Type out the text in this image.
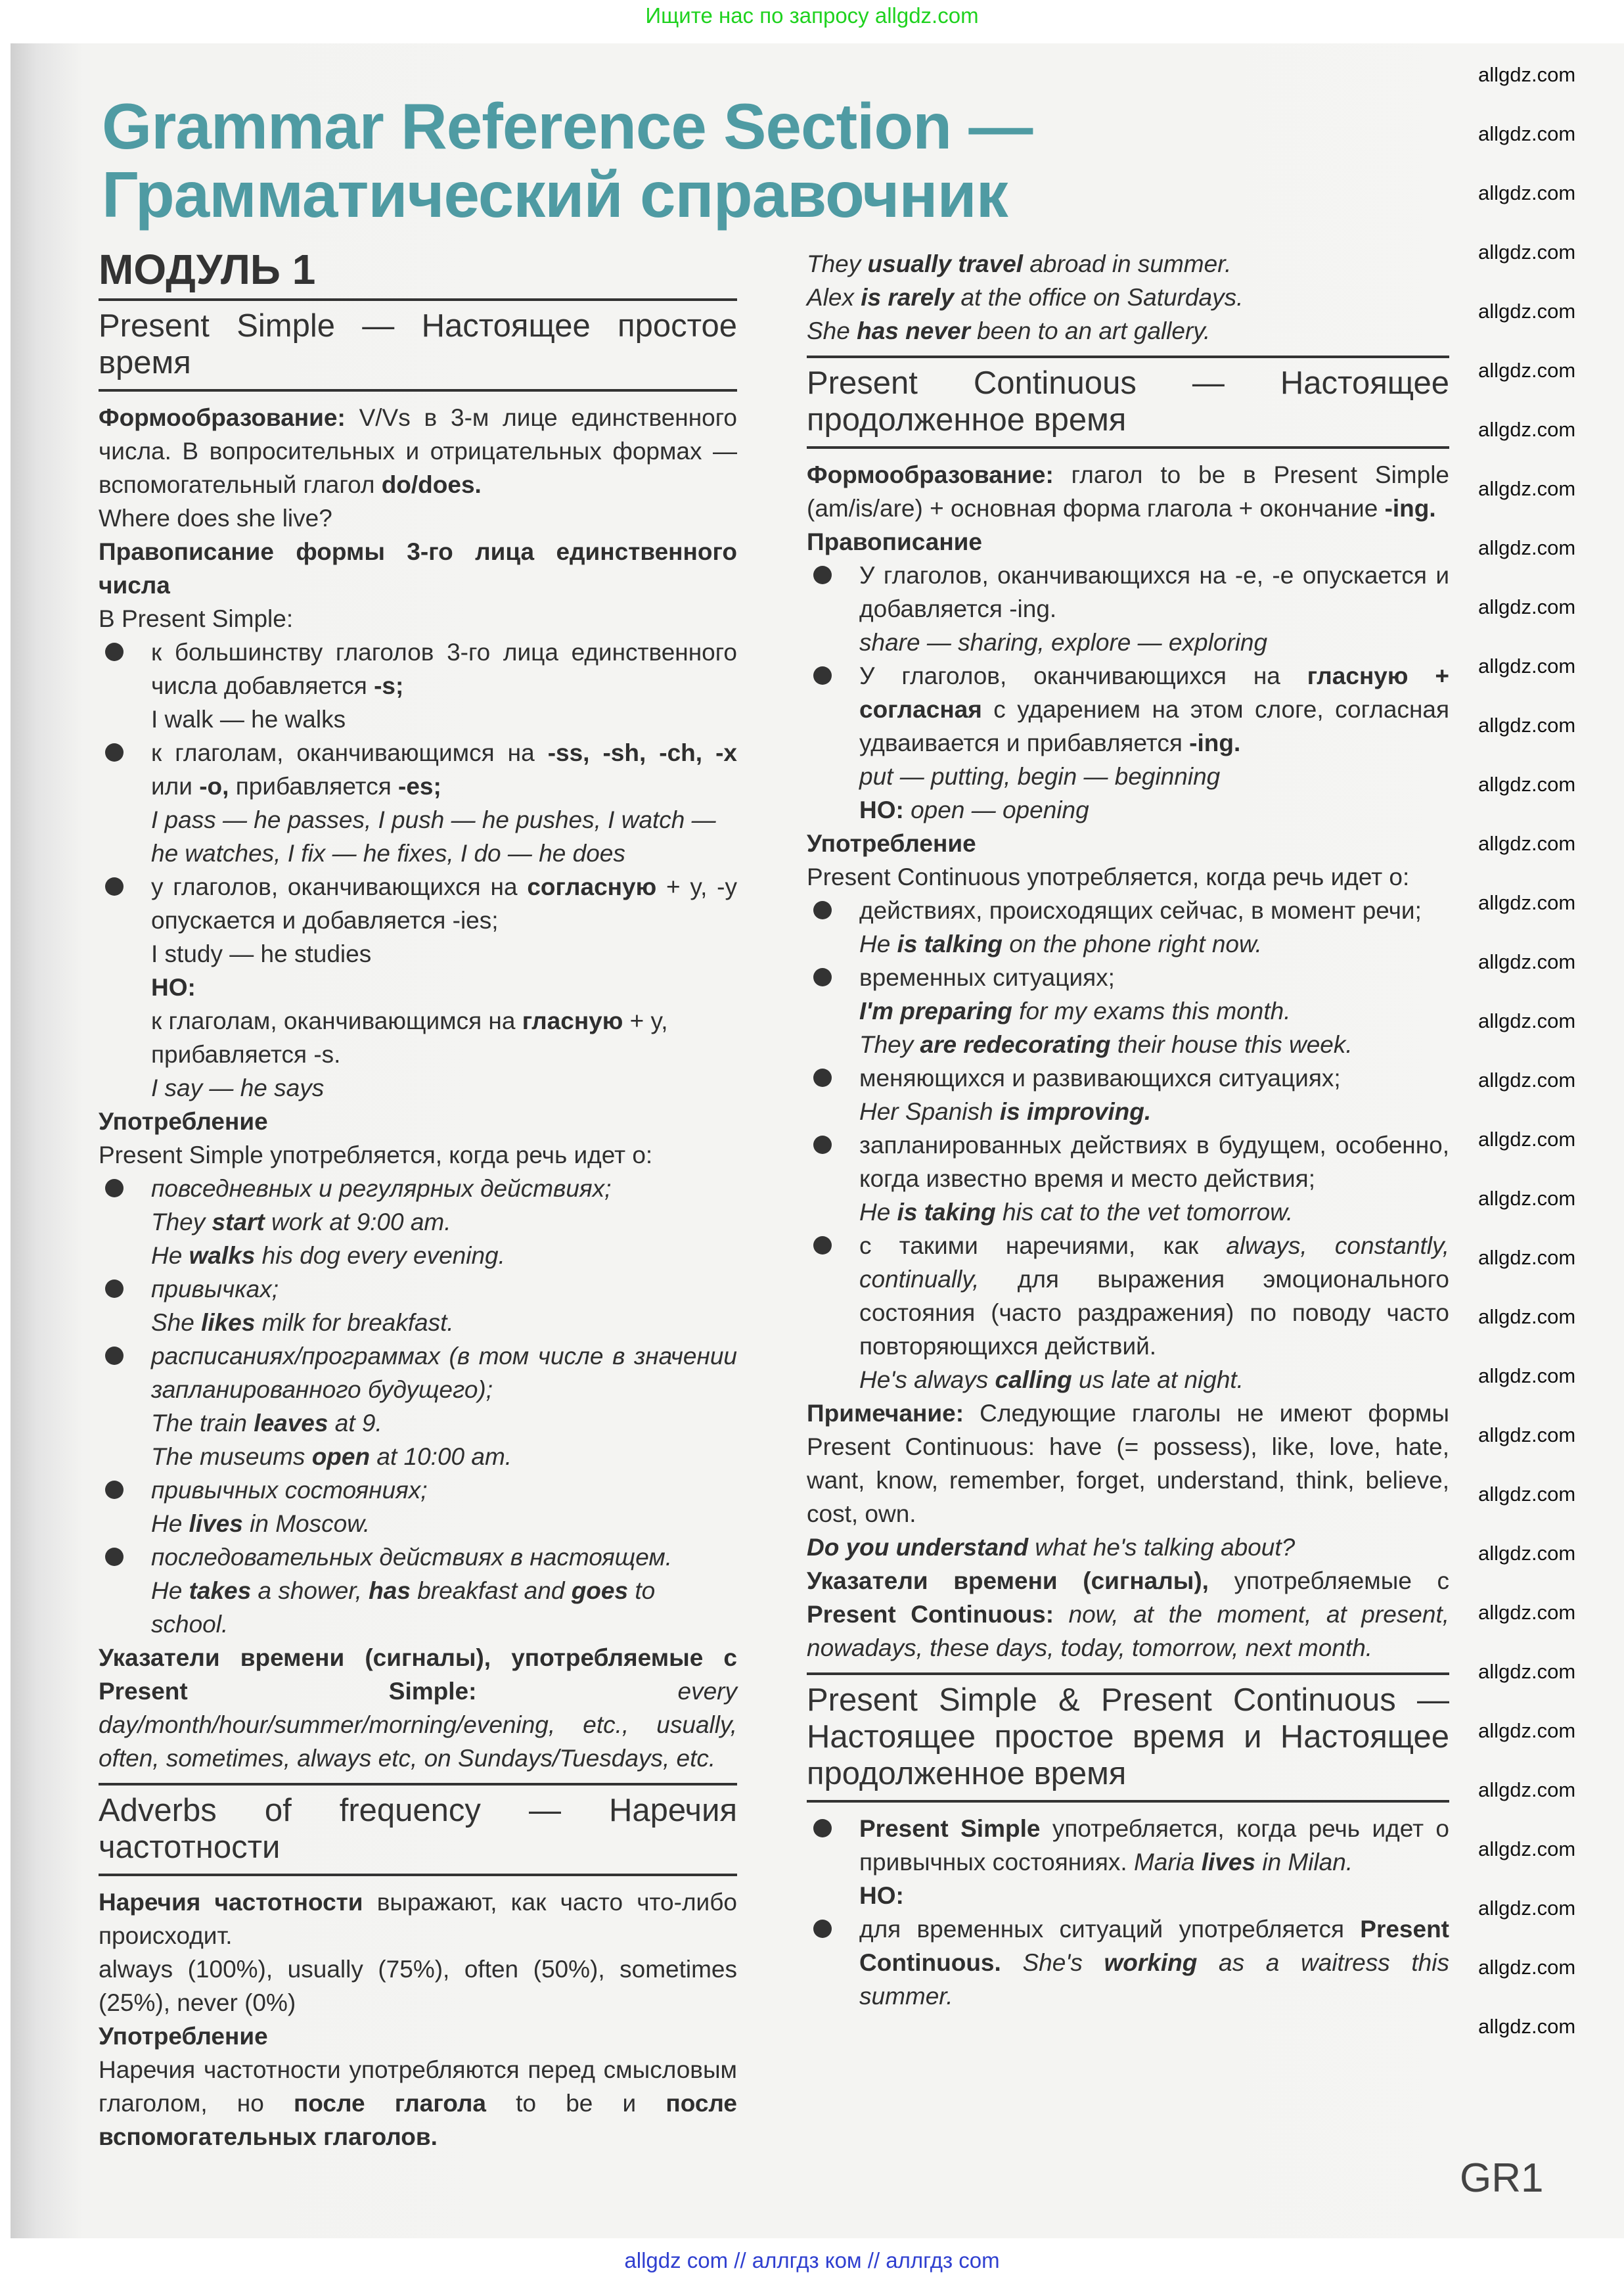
Ищите нас по запросу allgdz.com
Grammar Reference Section —
Грамматический справочник
МОДУЛЬ 1
Present Simple — Настоящее простое время
Формообразование: V/Vs в 3-м лице единственного числа. В вопросительных и отрицательных формах — вспомогательный глагол do/does.
Where does she live?
Правописание формы 3-го лица единственного числа
В Present Simple:
к большинству глаголов 3-го лица единственного числа добавляется -s;
I walk — he walks
к глаголам, оканчивающимся на -ss, -sh, -ch, -x или -o, прибавляется -es;
I pass — he passes, I push — he pushes, I watch — he watches, I fix — he fixes, I do — he does
у глаголов, оканчивающихся на согласную + y, -y опускается и добавляется -ies;
I study — he studies
НО:
к глаголам, оканчивающимся на гласную + y, прибавляется -s.
I say — he says
Употребление
Present Simple употребляется, когда речь идет о:
повседневных и регулярных действиях;
They start work at 9:00 am.
He walks his dog every evening.
привычках;
She likes milk for breakfast.
расписаниях/программах (в том числе в значении запланированного будущего);
The train leaves at 9.
The museums open at 10:00 am.
привычных состояниях;
He lives in Moscow.
последовательных действиях в настоящем.
He takes a shower, has breakfast and goes to school.
Указатели времени (сигналы), употребляемые с Present Simple: every day/month/hour/summer/morning/evening, etc., usually, often, sometimes, always etc, on Sundays/Tuesdays, etc.
Adverbs of frequency — Наречия частотности
Наречия частотности выражают, как часто что-либо происходит.
always (100%), usually (75%), often (50%), sometimes (25%), never (0%)
Употребление
Наречия частотности употребляются перед смысловым глаголом, но после глагола to be и после вспомогательных глаголов.
They usually travel abroad in summer.
Alex is rarely at the office on Saturdays.
She has never been to an art gallery.
Present Continuous — Настоящее продолженное время
Формообразование: глагол to be в Present Simple (am/is/are) + основная форма глагола + окончание -ing.
Правописание
У глаголов, оканчивающихся на -e, -e опускается и добавляется -ing.
share — sharing, explore — exploring
У глаголов, оканчивающихся на гласную + согласная с ударением на этом слоге, согласная удваивается и прибавляется -ing.
put — putting, begin — beginning
НО: open — opening
Употребление
Present Continuous употребляется, когда речь идет о:
действиях, происходящих сейчас, в момент речи;
He is talking on the phone right now.
временных ситуациях;
I'm preparing for my exams this month.
They are redecorating their house this week.
меняющихся и развивающихся ситуациях;
Her Spanish is improving.
запланированных действиях в будущем, особенно, когда известно время и место действия;
He is taking his cat to the vet tomorrow.
с такими наречиями, как always, constantly, continually, для выражения эмоционального состояния (часто раздражения) по поводу часто повторяющихся действий.
He's always calling us late at night.
Примечание: Следующие глаголы не имеют формы Present Continuous: have (= possess), like, love, hate, want, know, remember, forget, understand, think, believe, cost, own.
Do you understand what he's talking about?
Указатели времени (сигналы), употребляемые с Present Continuous: now, at the moment, at present, nowadays, these days, today, tomorrow, next month.
Present Simple & Present Continuous — Настоящее простое время и Настоящее продолженное время
Present Simple употребляется, когда речь идет о привычных состояниях. Maria lives in Milan.
НО:
для временных ситуаций употребляется Present Continuous. She's working as a waitress this summer.
GR1
allgdz.com
allgdz.com
allgdz.com
allgdz.com
allgdz.com
allgdz.com
allgdz.com
allgdz.com
allgdz.com
allgdz.com
allgdz.com
allgdz.com
allgdz.com
allgdz.com
allgdz.com
allgdz.com
allgdz.com
allgdz.com
allgdz.com
allgdz.com
allgdz.com
allgdz.com
allgdz.com
allgdz.com
allgdz.com
allgdz.com
allgdz.com
allgdz.com
allgdz.com
allgdz.com
allgdz.com
allgdz.com
allgdz.com
allgdz.com
allgdz com // аллгдз ком // аллгдз com
